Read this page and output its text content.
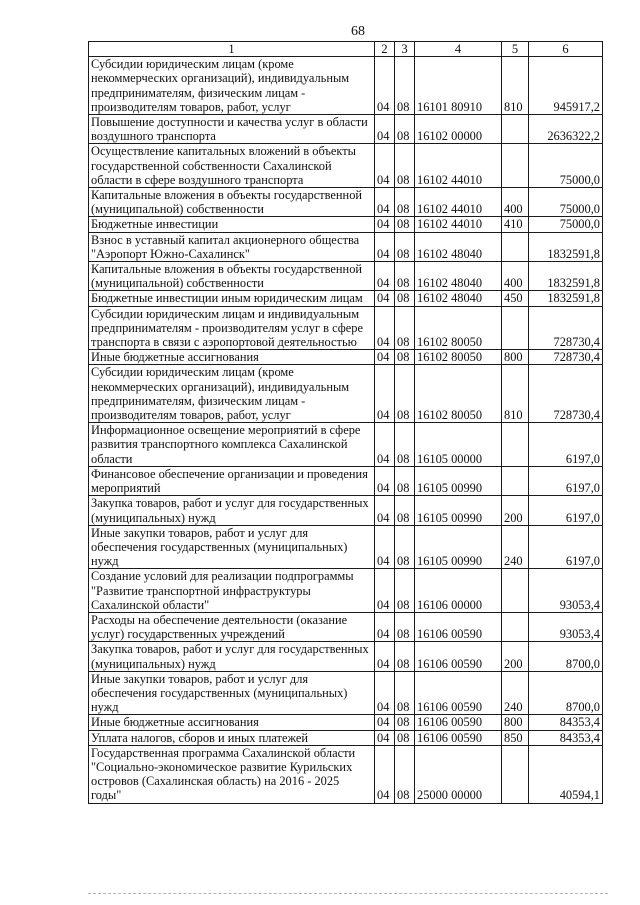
68
1	2	3	4	5	6
Субсидии юридическим лицам (кроме некоммерческих организаций), индивидуальным предпринимателям, физическим лицам - производителям товаров, работ, услуг	04	08	16101 80910	810	945917,2
Повышение доступности и качества услуг в области воздушного транспорта	04	08	16102 00000		2636322,2
Осуществление капитальных вложений в объекты государственной собственности Сахалинской области в сфере воздушного транспорта	04	08	16102 44010		75000,0
Капитальные вложения в объекты государственной (муниципальной) собственности	04	08	16102 44010	400	75000,0
Бюджетные инвестиции	04	08	16102 44010	410	75000,0
Взнос в уставный капитал акционерного общества "Аэропорт Южно-Сахалинск"	04	08	16102 48040		1832591,8
Капитальные вложения в объекты государственной (муниципальной) собственности	04	08	16102 48040	400	1832591,8
Бюджетные инвестиции иным юридическим лицам	04	08	16102 48040	450	1832591,8
Субсидии юридическим лицам и индивидуальным предпринимателям - производителям услуг в сфере транспорта в связи с аэропортовой деятельностью	04	08	16102 80050		728730,4
Иные бюджетные ассигнования	04	08	16102 80050	800	728730,4
Субсидии юридическим лицам (кроме некоммерческих организаций), индивидуальным предпринимателям, физическим лицам - производителям товаров, работ, услуг	04	08	16102 80050	810	728730,4
Информационное освещение мероприятий в сфере развития транспортного комплекса Сахалинской области	04	08	16105 00000		6197,0
Финансовое обеспечение организации и проведения мероприятий	04	08	16105 00990		6197,0
Закупка товаров, работ и услуг для государственных (муниципальных) нужд	04	08	16105 00990	200	6197,0
Иные закупки товаров, работ и услуг для обеспечения государственных (муниципальных) нужд	04	08	16105 00990	240	6197,0
Создание условий для реализации подпрограммы "Развитие транспортной инфраструктуры Сахалинской области"	04	08	16106 00000		93053,4
Расходы на обеспечение деятельности (оказание услуг) государственных учреждений	04	08	16106 00590		93053,4
Закупка товаров, работ и услуг для государственных (муниципальных) нужд	04	08	16106 00590	200	8700,0
Иные закупки товаров, работ и услуг для обеспечения государственных (муниципальных) нужд	04	08	16106 00590	240	8700,0
Иные бюджетные ассигнования	04	08	16106 00590	800	84353,4
Уплата налогов, сборов и иных платежей	04	08	16106 00590	850	84353,4
Государственная программа Сахалинской области "Социально-экономическое развитие Курильских островов (Сахалинская область) на 2016 - 2025 годы"	04	08	25000 00000		40594,1
